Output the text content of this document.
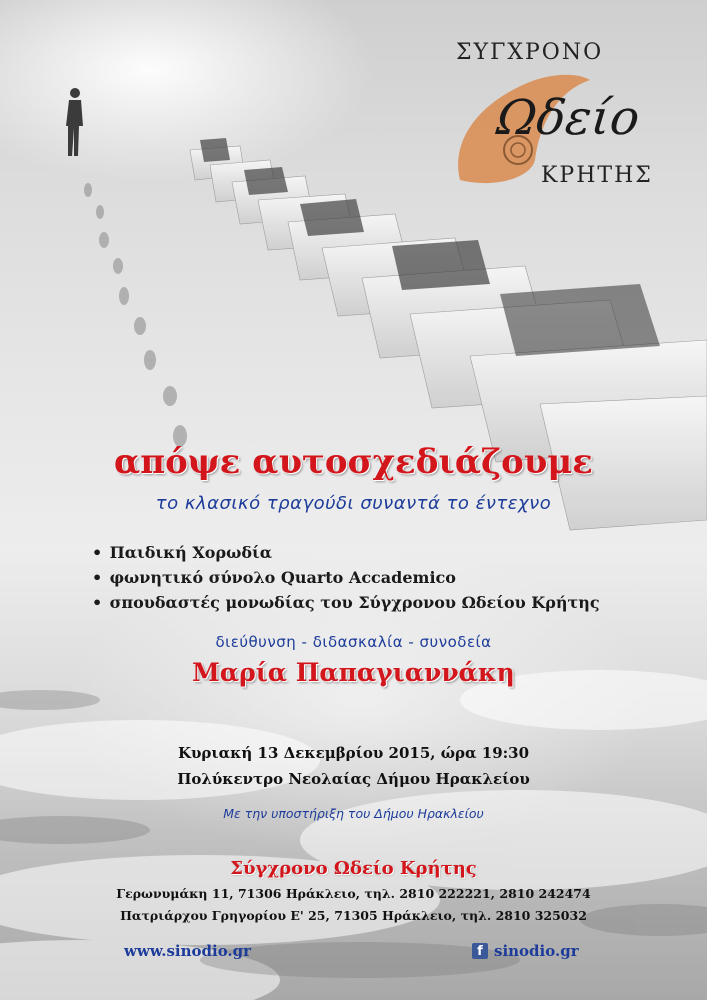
ΣΥΓΧΡΟΝΟ
Ωδείο
ΚΡΗΤΗΣ
απόψε αυτοσχεδιάζουμε
το κλασικό τραγούδι συναντά το έντεχνο
• Παιδική Χορωδία
• φωνητικό σύνολο Quarto Accademico
• σπουδαστές μονωδίας του Σύγχρονου Ωδείου Κρήτης
διεύθυνση - διδασκαλία - συνοδεία
Μαρία Παπαγιαννάκη
Κυριακή 13 Δεκεμβρίου 2015, ώρα 19:30
Πολύκεντρο Νεολαίας Δήμου Ηρακλείου
Με την υποστήριξη του Δήμου Ηρακλείου
Σύγχρονο Ωδείο Κρήτης
Γερωνυμάκη 11, 71306 Ηράκλειο, τηλ. 2810 222221, 2810 242474
Πατριάρχου Γρηγορίου Ε' 25, 71305 Ηράκλειο, τηλ. 2810 325032
www.sinodio.gr	f sinodio.gr
